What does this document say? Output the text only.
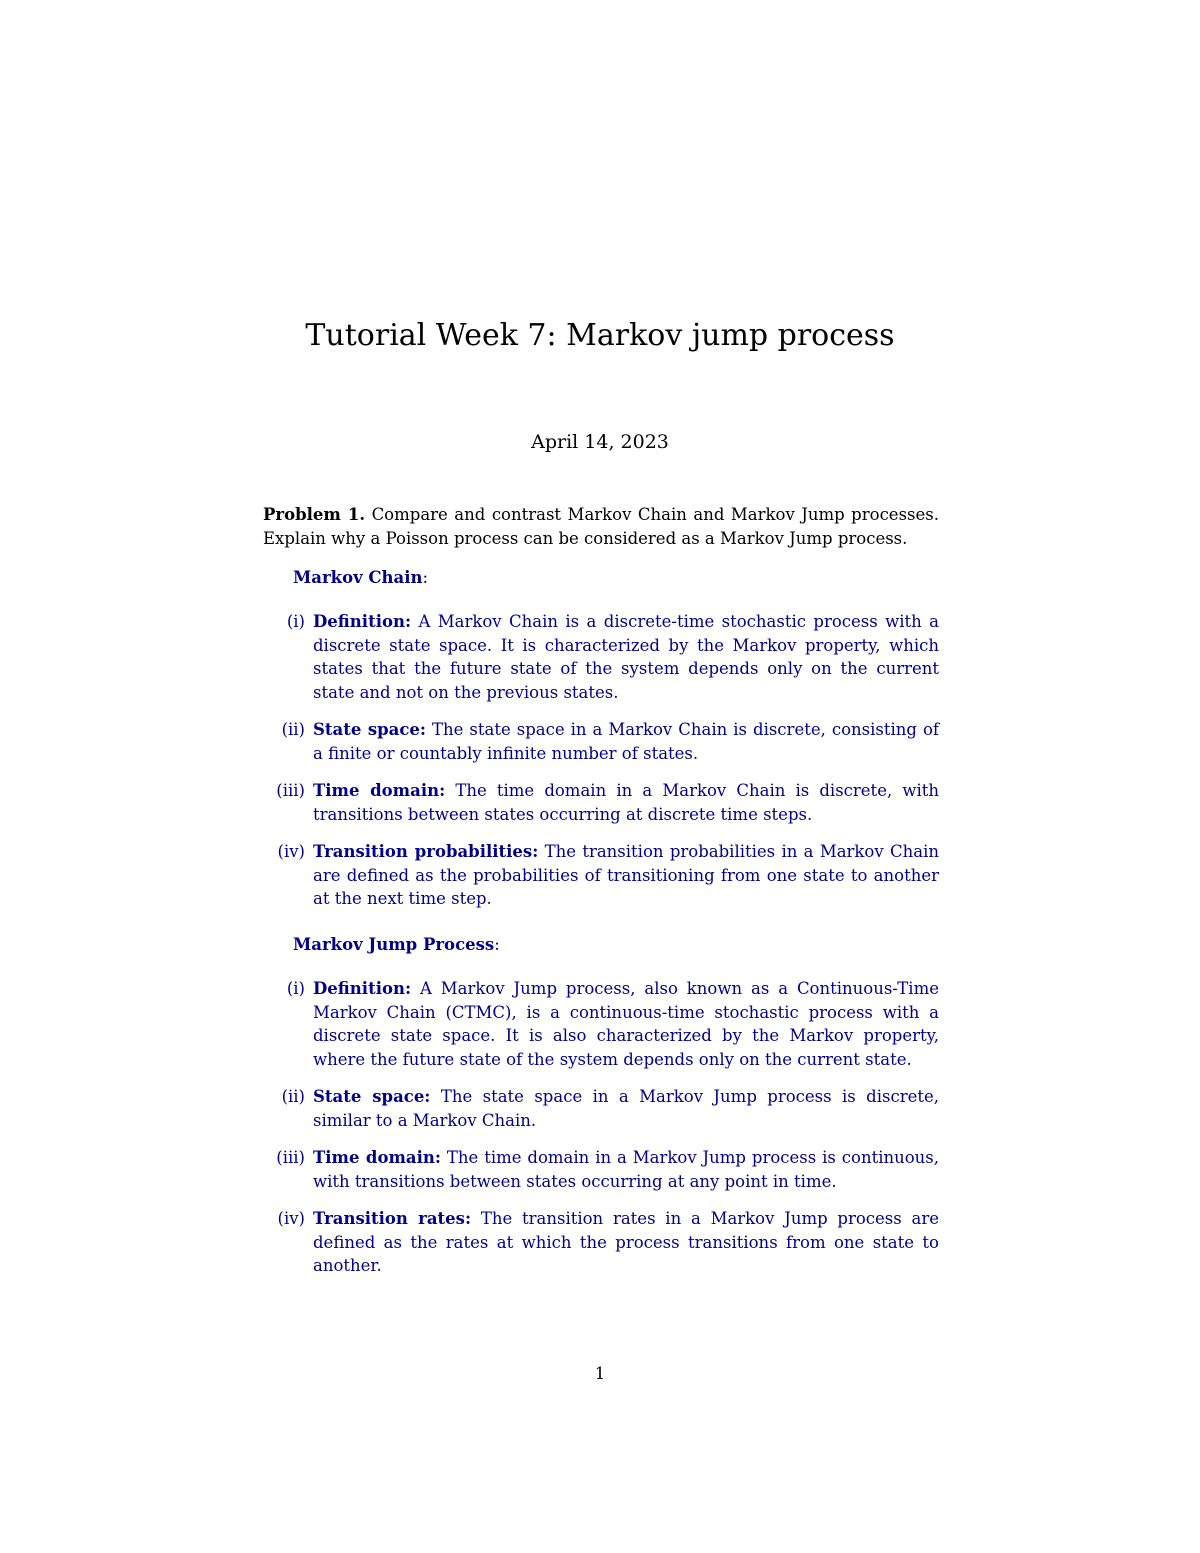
Tutorial Week 7: Markov jump process
April 14, 2023
Problem 1. Compare and contrast Markov Chain and Markov Jump processes. Explain why a Poisson process can be considered as a Markov Jump process.
Markov Chain:
(i) Definition: A Markov Chain is a discrete-time stochastic process with a discrete state space. It is characterized by the Markov property, which states that the future state of the system depends only on the current state and not on the previous states.
(ii) State space: The state space in a Markov Chain is discrete, consisting of a finite or countably infinite number of states.
(iii) Time domain: The time domain in a Markov Chain is discrete, with transitions between states occurring at discrete time steps.
(iv) Transition probabilities: The transition probabilities in a Markov Chain are defined as the probabilities of transitioning from one state to another at the next time step.
Markov Jump Process:
(i) Definition: A Markov Jump process, also known as a Continuous-Time Markov Chain (CTMC), is a continuous-time stochastic process with a discrete state space. It is also characterized by the Markov property, where the future state of the system depends only on the current state.
(ii) State space: The state space in a Markov Jump process is discrete, similar to a Markov Chain.
(iii) Time domain: The time domain in a Markov Jump process is continuous, with transitions between states occurring at any point in time.
(iv) Transition rates: The transition rates in a Markov Jump process are defined as the rates at which the process transitions from one state to another.
1
